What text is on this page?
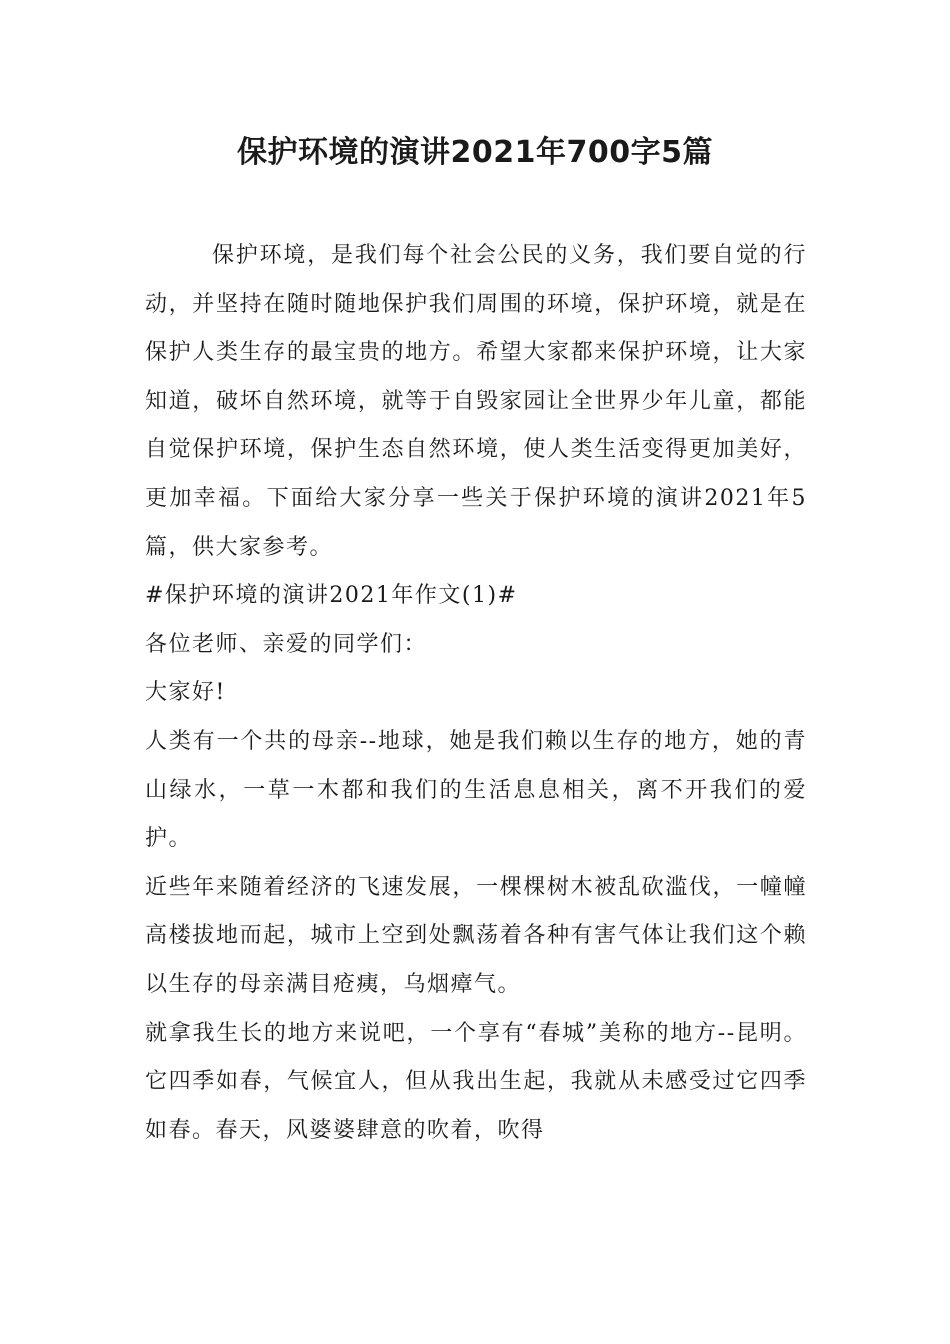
保护环境的演讲2021年700字5篇

保护环境，是我们每个社会公民的义务，我们要自觉的行动，并坚持在随时随地保护我们周围的环境，保护环境，就是在保护人类生存的最宝贵的地方。希望大家都来保护环境，让大家知道，破坏自然环境，就等于自毁家园让全世界少年儿童，都能自觉保护环境，保护生态自然环境，使人类生活变得更加美好，更加幸福。下面给大家分享一些关于保护环境的演讲2021年5篇，供大家参考。

#保护环境的演讲2021年作文(1)#

各位老师、亲爱的同学们：

大家好!

人类有一个共的母亲--地球，她是我们赖以生存的地方，她的青山绿水，一草一木都和我们的生活息息相关，离不开我们的爱护。

近些年来随着经济的飞速发展，一棵棵树木被乱砍滥伐，一幢幢高楼拔地而起，城市上空到处飘荡着各种有害气体让我们这个赖以生存的母亲满目疮痍，乌烟瘴气。

就拿我生长的地方来说吧，一个享有“春城”美称的地方--昆明。它四季如春，气候宜人，但从我出生起，我就从未感受过它四季如春。春天，风婆婆肆意的吹着，吹得
